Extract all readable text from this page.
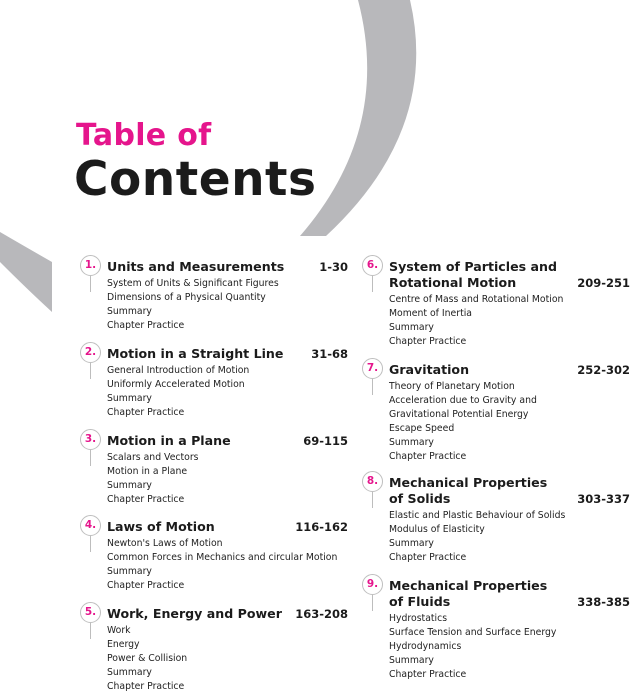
Table of
Contents
1. Units and Measurements	1-30
System of Units & Significant Figures
Dimensions of a Physical Quantity
Summary
Chapter Practice
2. Motion in a Straight Line	31-68
General Introduction of Motion
Uniformly Accelerated Motion
Summary
Chapter Practice
3. Motion in a Plane	69-115
Scalars and Vectors
Motion in a Plane
Summary
Chapter Practice
4. Laws of Motion	116-162
Newton's Laws of Motion
Common Forces in Mechanics and circular Motion
Summary
Chapter Practice
5. Work, Energy and Power	163-208
Work
Energy
Power & Collision
Summary
Chapter Practice
6. System of Particles and

Rotational Motion	209-251
Centre of Mass and Rotational Motion
Moment of Inertia
Summary
Chapter Practice
7. Gravitation	252-302
Theory of Planetary Motion
Acceleration due to Gravity and Gravitational Potential Energy
Escape Speed
Summary
Chapter Practice
8. Mechanical Properties

of Solids	303-337
Elastic and Plastic Behaviour of Solids
Modulus of Elasticity
Summary
Chapter Practice
9. Mechanical Properties

of Fluids	338-385
Hydrostatics
Surface Tension and Surface Energy
Hydrodynamics
Summary
Chapter Practice
